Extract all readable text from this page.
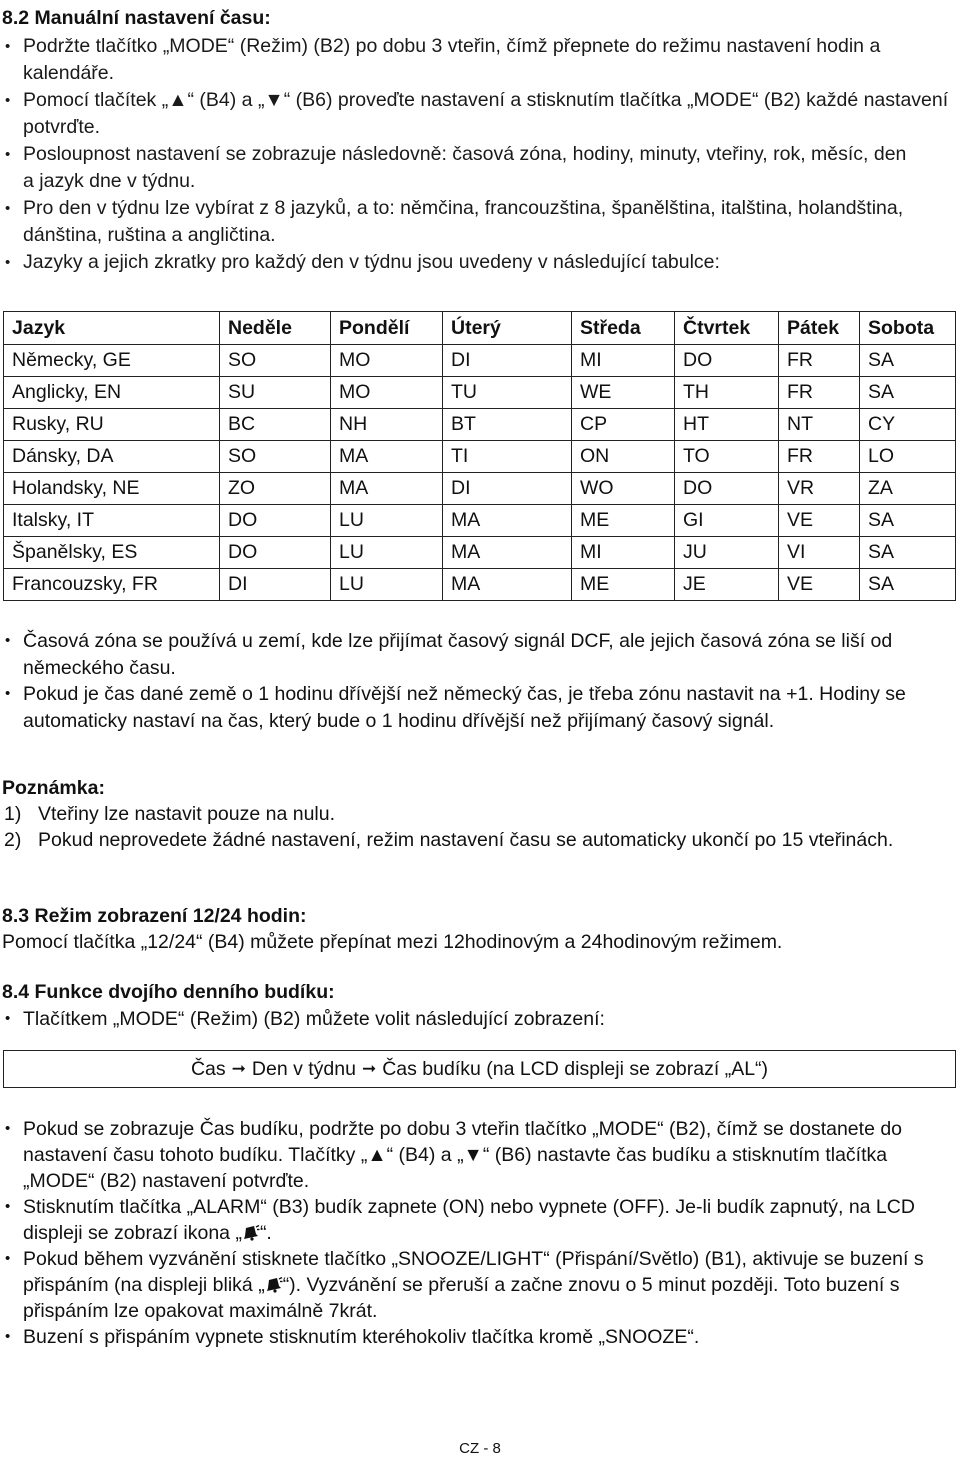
8.2 Manuální nastavení času:
• Podržte tlačítko „MODE“ (Režim) (B2) po dobu 3 vteřin, čímž přepnete do režimu nastavení hodin a kalendáře.
• Pomocí tlačítek „▲“ (B4) a „▼“ (B6) proveďte nastavení a stisknutím tlačítka „MODE“ (B2) každé nastavení potvrďte.
• Posloupnost nastavení se zobrazuje následovně: časová zóna, hodiny, minuty, vteřiny, rok, měsíc, den
a jazyk dne v týdnu.
• Pro den v týdnu lze vybírat z 8 jazyků, a to: němčina, francouzština, španělština, italština, holandština, dánština, ruština a angličtina.
• Jazyky a jejich zkratky pro každý den v týdnu jsou uvedeny v následující tabulce:
Jazyk	Neděle	Pondělí	Úterý	Středa	Čtvrtek	Pátek	Sobota
Německy, GE	SO	MO	DI	MI	DO	FR	SA
Anglicky, EN	SU	MO	TU	WE	TH	FR	SA
Rusky, RU	BC	NH	BT	CP	HT	NT	CY
Dánsky, DA	SO	MA	TI	ON	TO	FR	LO
Holandsky, NE	ZO	MA	DI	WO	DO	VR	ZA
Italsky, IT	DO	LU	MA	ME	GI	VE	SA
Španělsky, ES	DO	LU	MA	MI	JU	VI	SA
Francouzsky, FR	DI	LU	MA	ME	JE	VE	SA
• Časová zóna se používá u zemí, kde lze přijímat časový signál DCF, ale jejich časová zóna se liší od německého času.
• Pokud je čas dané země o 1 hodinu dřívější než německý čas, je třeba zónu nastavit na +1. Hodiny se automaticky nastaví na čas, který bude o 1 hodinu dřívější než přijímaný časový signál.
Poznámka:
1) Vteřiny lze nastavit pouze na nulu.
2) Pokud neprovedete žádné nastavení, režim nastavení času se automaticky ukončí po 15 vteřinách.
8.3 Režim zobrazení 12/24 hodin:
Pomocí tlačítka „12/24“ (B4) můžete přepínat mezi 12hodinovým a 24hodinovým režimem.
8.4 Funkce dvojího denního budíku:
• Tlačítkem „MODE“ (Režim) (B2) můžete volit následující zobrazení:
Čas ➞ Den v týdnu ➞ Čas budíku (na LCD displeji se zobrazí „AL“)
• Pokud se zobrazuje Čas budíku, podržte po dobu 3 vteřin tlačítko „MODE“ (B2), čímž se dostanete do nastavení času tohoto budíku. Tlačítky „▲“ (B4) a „▼“ (B6) nastavte čas budíku a stisknutím tlačítka „MODE“ (B2) nastavení potvrďte.
• Stisknutím tlačítka „ALARM“ (B3) budík zapnete (ON) nebo vypnete (OFF). Je-li budík zapnutý, na LCD displeji se zobrazí ikona „ “.
• Pokud během vyzvánění stisknete tlačítko „SNOOZE/LIGHT“ (Přispání/Světlo) (B1), aktivuje se buzení s přispáním (na displeji bliká „ “). Vyzvánění se přeruší a začne znovu o 5 minut později. Toto buzení s přispáním lze opakovat maximálně 7krát.
• Buzení s přispáním vypnete stisknutím kteréhokoliv tlačítka kromě „SNOOZE“.
CZ - 8
